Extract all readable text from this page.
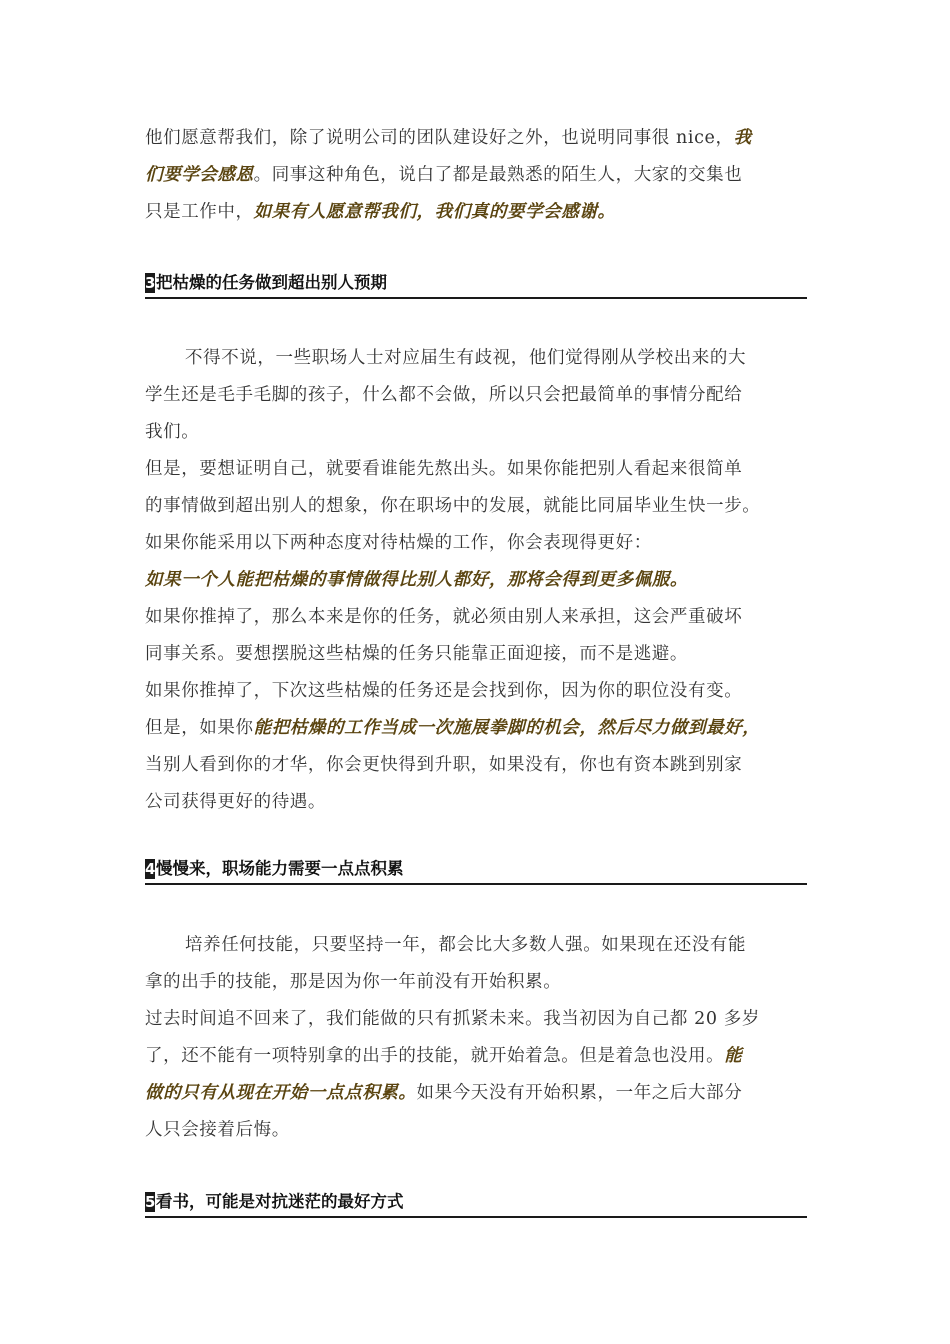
他们愿意帮我们，除了说明公司的团队建设好之外，也说明同事很 nice，我
们要学会感恩。同事这种角色，说白了都是最熟悉的陌生人，大家的交集也
只是工作中，如果有人愿意帮我们，我们真的要学会感谢。
3 把枯燥的任务做到超出别人预期
不得不说，一些职场人士对应届生有歧视，他们觉得刚从学校出来的大
学生还是毛手毛脚的孩子，什么都不会做，所以只会把最简单的事情分配给
我们。
但是，要想证明自己，就要看谁能先熬出头。如果你能把别人看起来很简单
的事情做到超出别人的想象，你在职场中的发展，就能比同届毕业生快一步。
如果你能采用以下两种态度对待枯燥的工作，你会表现得更好：
如果一个人能把枯燥的事情做得比别人都好，那将会得到更多佩服。
如果你推掉了，那么本来是你的任务，就必须由别人来承担，这会严重破坏
同事关系。要想摆脱这些枯燥的任务只能靠正面迎接，而不是逃避。
如果你推掉了，下次这些枯燥的任务还是会找到你，因为你的职位没有变。
但是，如果你能把枯燥的工作当成一次施展拳脚的机会，然后尽力做到最好，
当别人看到你的才华，你会更快得到升职，如果没有，你也有资本跳到别家
公司获得更好的待遇。
4 慢慢来，职场能力需要一点点积累
培养任何技能，只要坚持一年，都会比大多数人强。如果现在还没有能
拿的出手的技能，那是因为你一年前没有开始积累。
过去时间追不回来了，我们能做的只有抓紧未来。我当初因为自己都 20 多岁
了，还不能有一项特别拿的出手的技能，就开始着急。但是着急也没用。能
做的只有从现在开始一点点积累。如果今天没有开始积累，一年之后大部分
人只会接着后悔。
5 看书，可能是对抗迷茫的最好方式
